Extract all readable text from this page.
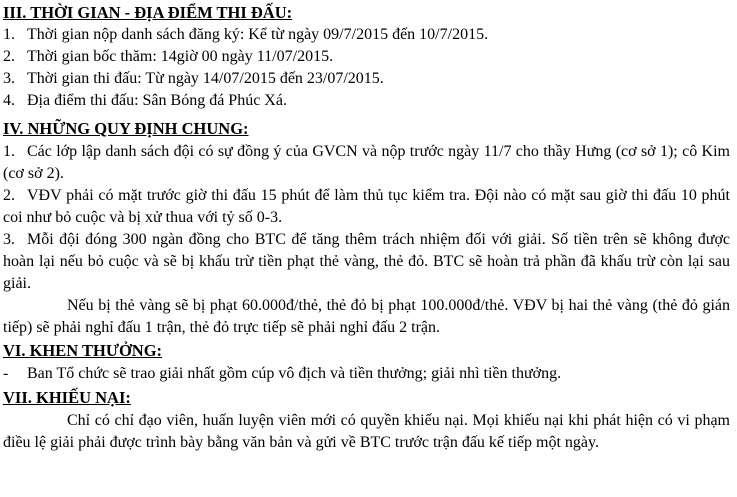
III. THỜI GIAN - ĐỊA ĐIỂM THI ĐẤU:
1. Thời gian nộp danh sách đăng ký: Kể từ ngày 09/7/2015 đến 10/7/2015.
2. Thời gian bốc thăm: 14giờ 00 ngày 11/07/2015.
3. Thời gian thi đấu: Từ ngày 14/07/2015 đến 23/07/2015.
4. Địa điểm thi đấu: Sân Bóng đá Phúc Xá.
IV. NHỮNG QUY ĐỊNH CHUNG:
1. Các lớp lập danh sách đội có sự đồng ý của GVCN và nộp trước ngày 11/7 cho thầy Hưng (cơ sở 1); cô Kim (cơ sở 2).
2. VĐV phải có mặt trước giờ thi đấu 15 phút để làm thủ tục kiểm tra. Đội nào có mặt sau giờ thi đấu 10 phút coi như bỏ cuộc và bị xử thua với tỷ số 0-3.
3. Mỗi đội đóng 300 ngàn đồng cho BTC để tăng thêm trách nhiệm đối với giải. Số tiền trên sẽ không được hoàn lại nếu bỏ cuộc và sẽ bị khấu trừ tiền phạt thẻ vàng, thẻ đỏ. BTC sẽ hoàn trả phần đã khấu trừ còn lại sau giải.
Nếu bị thẻ vàng sẽ bị phạt 60.000đ/thẻ, thẻ đỏ bị phạt 100.000đ/thẻ. VĐV bị hai thẻ vàng (thẻ đỏ gián tiếp) sẽ phải nghỉ đấu 1 trận, thẻ đỏ trực tiếp sẽ phải nghỉ đấu 2 trận.
VI. KHEN THƯỞNG:
- Ban Tổ chức sẽ trao giải nhất gồm cúp vô địch và tiền thưởng; giải nhì tiền thưởng.
VII. KHIẾU NẠI:
Chỉ có chỉ đạo viên, huấn luyện viên mới có quyền khiếu nại. Mọi khiếu nại khi phát hiện có vi phạm điều lệ giải phải được trình bày bằng văn bản và gửi về BTC trước trận đấu kế tiếp một ngày.
